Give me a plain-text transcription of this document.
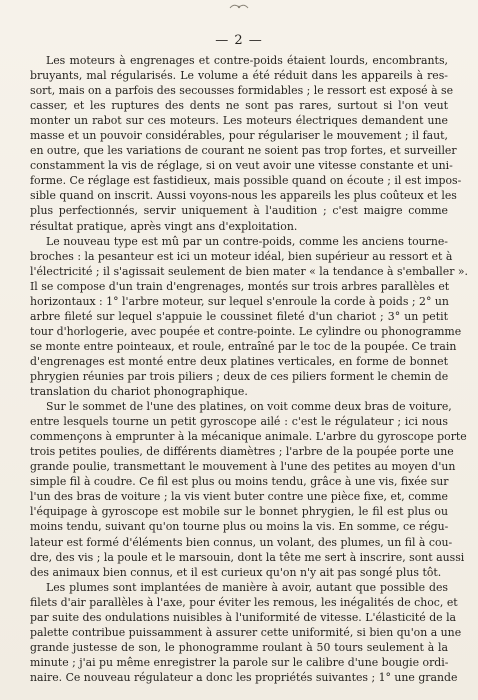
— 2 —

Les moteurs à engrenages et contre-poids étaient lourds, encombrants,
bruyants, mal régularisés. Le volume a été réduit dans les appareils à res-
sort, mais on a parfois des secousses formidables ; le ressort est exposé à se
casser, et les ruptures des dents ne sont pas rares, surtout si l'on veut
monter un rabot sur ces moteurs. Les moteurs électriques demandent une
masse et un pouvoir considérables, pour régulariser le mouvement ; il faut,
en outre, que les variations de courant ne soient pas trop fortes, et surveiller
constamment la vis de réglage, si on veut avoir une vitesse constante et uni-
forme. Ce réglage est fastidieux, mais possible quand on écoute ; il est impos-
sible quand on inscrit. Aussi voyons-nous les appareils les plus coûteux et les
plus perfectionnés, servir uniquement à l'audition ; c'est maigre comme
résultat pratique, après vingt ans d'exploitation.

Le nouveau type est mû par un contre-poids, comme les anciens tourne-
broches : la pesanteur est ici un moteur idéal, bien supérieur au ressort et à
l'électricité ; il s'agissait seulement de bien mater « la tendance à s'emballer ».
Il se compose d'un train d'engrenages, montés sur trois arbres parallèles et
horizontaux : 1° l'arbre moteur, sur lequel s'enroule la corde à poids ; 2° un
arbre fileté sur lequel s'appuie le coussinet fileté d'un chariot ; 3° un petit
tour d'horlogerie, avec poupée et contre-pointe. Le cylindre ou phonogramme
se monte entre pointeaux, et roule, entraîné par le toc de la poupée. Ce train
d'engrenages est monté entre deux platines verticales, en forme de bonnet
phrygien réunies par trois piliers ; deux de ces piliers forment le chemin de
translation du chariot phonographique.

Sur le sommet de l'une des platines, on voit comme deux bras de voiture,
entre lesquels tourne un petit gyroscope ailé : c'est le régulateur ; ici nous
commençons à emprunter à la mécanique animale. L'arbre du gyroscope porte
trois petites poulies, de différents diamètres ; l'arbre de la poupée porte une
grande poulie, transmettant le mouvement à l'une des petites au moyen d'un
simple fil à coudre. Ce fil est plus ou moins tendu, grâce à une vis, fixée sur
l'un des bras de voiture ; la vis vient buter contre une pièce fixe, et, comme
l'équipage à gyroscope est mobile sur le bonnet phrygien, le fil est plus ou
moins tendu, suivant qu'on tourne plus ou moins la vis. En somme, ce régu-
lateur est formé d'éléments bien connus, un volant, des plumes, un fil à cou-
dre, des vis ; la poule et le marsouin, dont la tête me sert à inscrire, sont aussi
des animaux bien connus, et il est curieux qu'on n'y ait pas songé plus tôt.

Les plumes sont implantées de manière à avoir, autant que possible des
filets d'air parallèles à l'axe, pour éviter les remous, les inégalités de choc, et
par suite des ondulations nuisibles à l'uniformité de vitesse. L'élasticité de la
palette contribue puissamment à assurer cette uniformité, si bien qu'on a une
grande justesse de son, le phonogramme roulant à 50 tours seulement à la
minute ; j'ai pu même enregistrer la parole sur le calibre d'une bougie ordi-
naire. Ce nouveau régulateur a donc les propriétés suivantes ; 1° une grande
